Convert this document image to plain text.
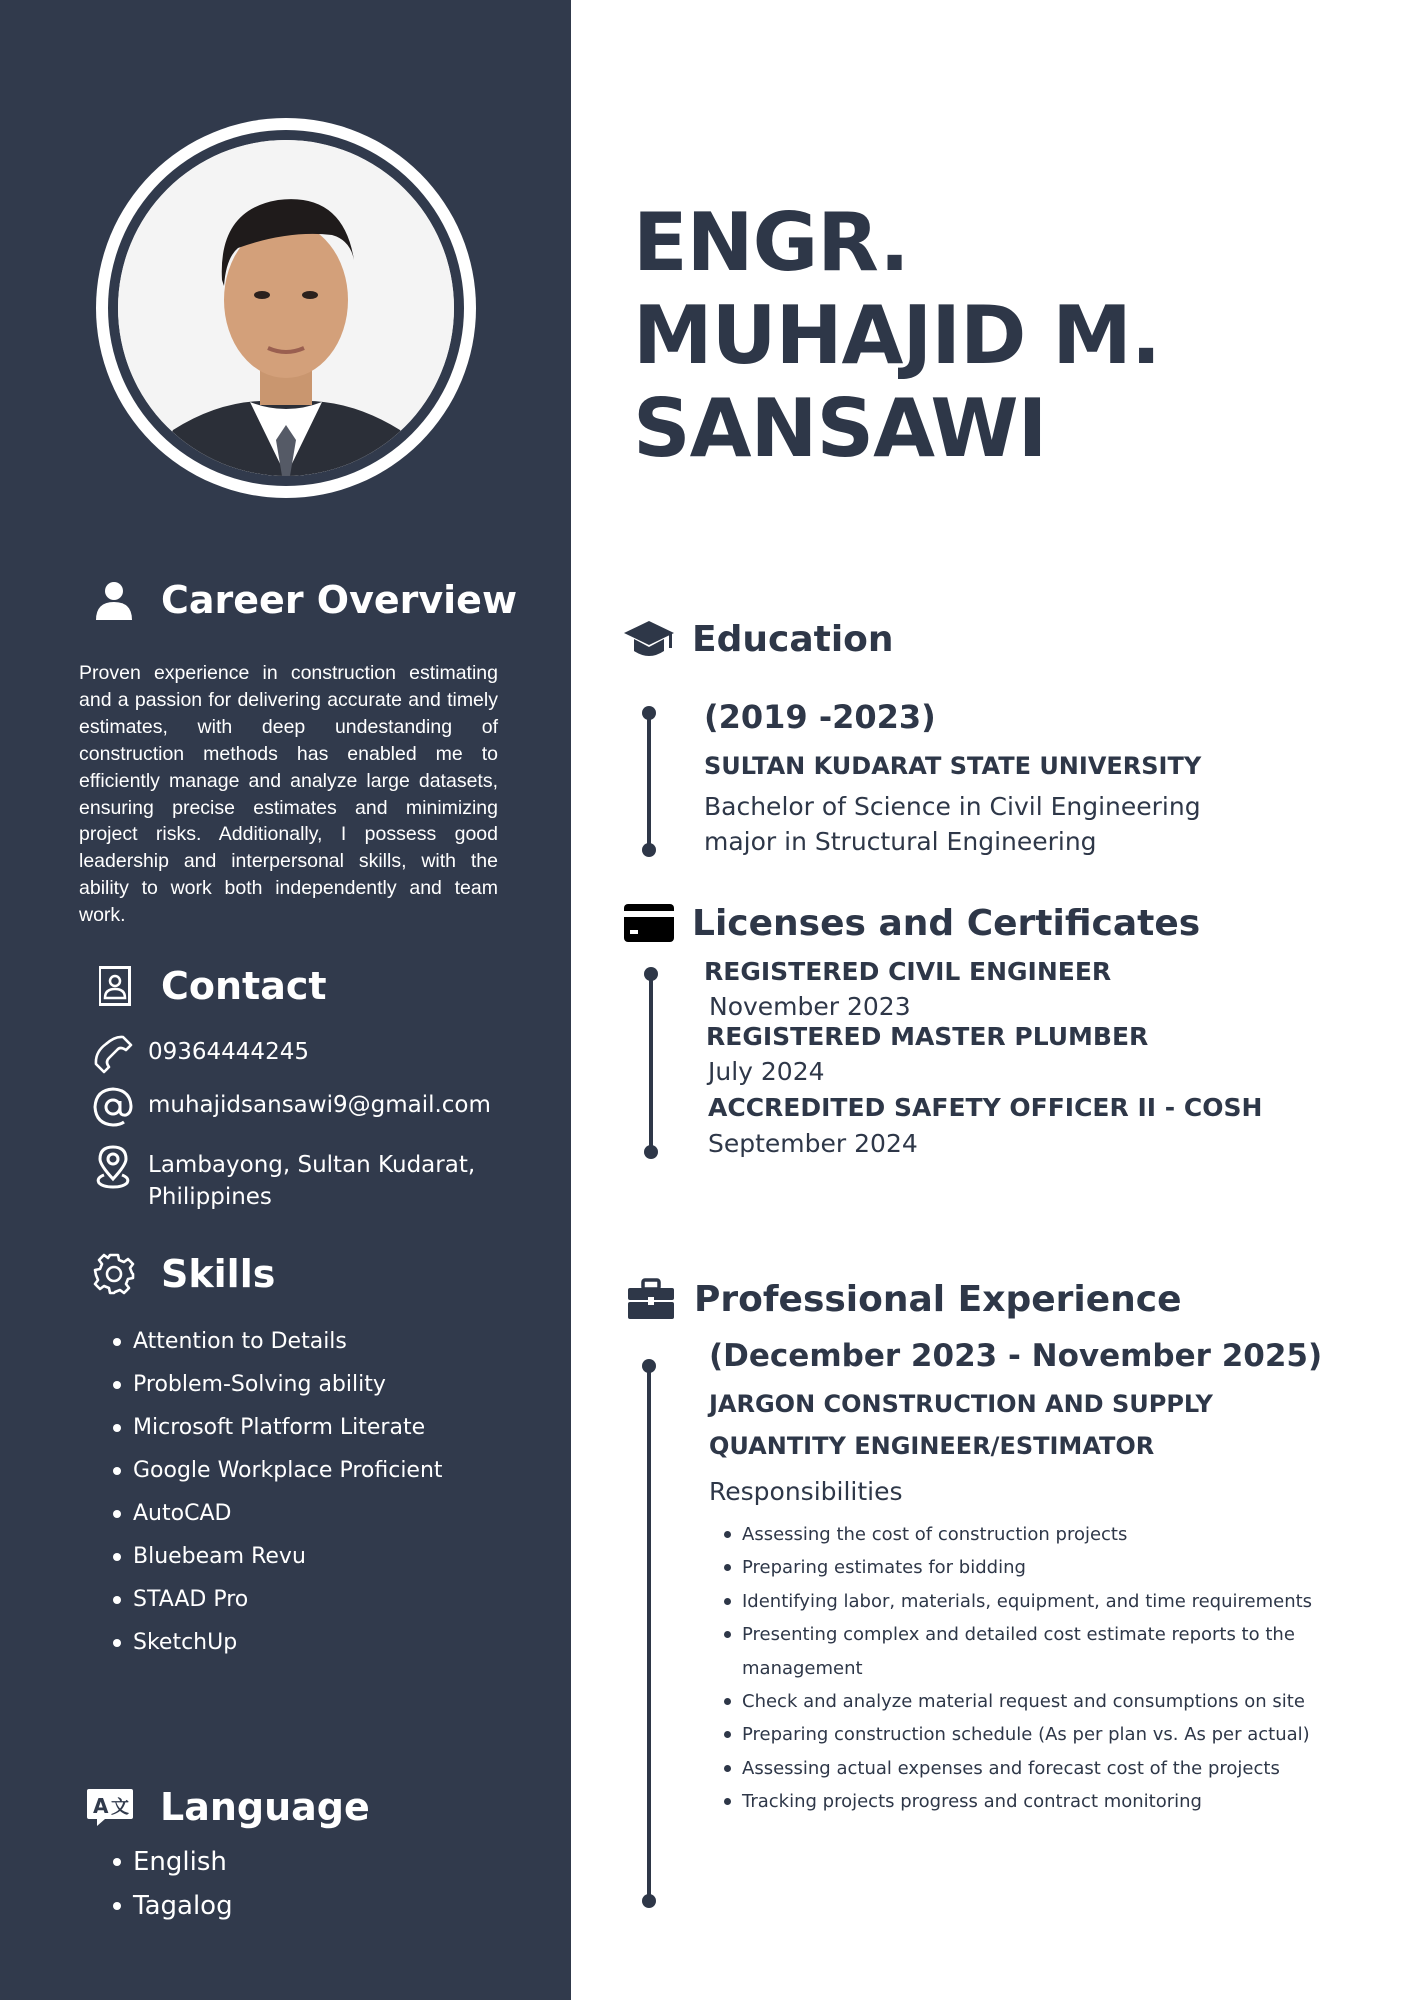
Career Overview
Proven experience in construction estimating and a passion for delivering accurate and timely estimates, with deep undestanding of construction methods has enabled me to efficiently manage and analyze large datasets, ensuring precise estimates and minimizing project risks. Additionally, I possess good leadership and interpersonal skills, with the ability to work both independently and team work.
Contact
09364444245
muhajidsansawi9@gmail.com
Lambayong, Sultan Kudarat,
Philippines
Skills
Attention to Details
Problem-Solving ability
Microsoft Platform Literate
Google Workplace Proficient
AutoCAD
Bluebeam Revu
STAAD Pro
SketchUp
A 文 Language
English
Tagalog
ENGR.
MUHAJID M.
SANSAWI
Education
(2019 -2023)
SULTAN KUDARAT STATE UNIVERSITY
Bachelor of Science in Civil Engineering
major in Structural Engineering
Licenses and Certificates
REGISTERED CIVIL ENGINEER
November 2023
REGISTERED MASTER PLUMBER
July 2024
ACCREDITED SAFETY OFFICER II - COSH
September 2024
Professional Experience
(December 2023 - November 2025)
JARGON CONSTRUCTION AND SUPPLY
QUANTITY ENGINEER/ESTIMATOR
Responsibilities
Assessing the cost of construction projects
Preparing estimates for bidding
Identifying labor, materials, equipment, and time requirements
Presenting complex and detailed cost estimate reports to the
management
Check and analyze material request and consumptions on site
Preparing construction schedule (As per plan vs. As per actual)
Assessing actual expenses and forecast cost of the projects
Tracking projects progress and contract monitoring
